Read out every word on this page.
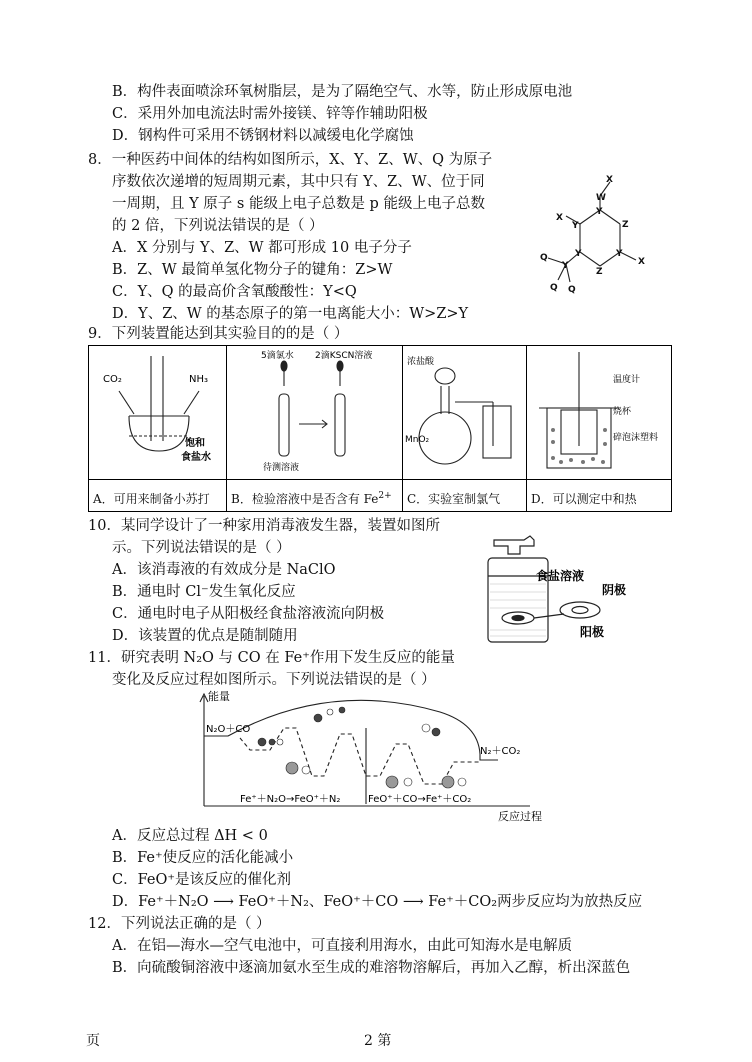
B．构件表面喷涂环氧树脂层，是为了隔绝空气、水等，防止形成原电池
C．采用外加电流法时需外接镁、锌等作辅助阳极
D．钢构件可采用不锈钢材料以减缓电化学腐蚀
8．一种医药中间体的结构如图所示，X、Y、Z、W、Q 为原子
序数依次递增的短周期元素，其中只有 Y、Z、W、位于同
一周期，且 Y 原子 s 能级上电子总数是 p 能级上电子总数
的 2 倍，下列说法错误的是（ ）
A．X 分别与 Y、Z、W 都可形成 10 电子分子
B．Z、W 最简单氢化物分子的键角：Z>W
C．Y、Q 的最高价含氧酸酸性：Y<Q
D．Y、Z、W 的基态原子的第一电离能大小：W>Z>Y
X
W
Y
Z
Y
X
Z
Y
X
Y
Y
Q
Q Q
9．下列装置能达到其实验目的的是（ ）
CO₂	NH₃
饱和
食盐水
A．可用来制备小苏打
5滴氯水 2滴KSCN溶液
待测溶液
B．检验溶液中是否含有 $Fe^{2+}$
浓盐酸
MnO₂
C．实验室制氯气
温度计
烧杯
碎泡沫塑料
D．可以测定中和热
10．某同学设计了一种家用消毒液发生器，装置如图所
示。下列说法错误的是（ ）
A．该消毒液的有效成分是 NaClO
B．通电时 Cl⁻发生氧化反应
C．通电时电子从阳极经食盐溶液流向阴极
D．该装置的优点是随制随用
食盐溶液
阴极
阳极
11．研究表明 N₂O 与 CO 在 Fe⁺作用下发生反应的能量
变化及反应过程如图所示。下列说法错误的是（ ）
能量
N₂O＋CO
N₂＋CO₂
Fe⁺＋N₂O→FeO⁺＋N₂	FeO⁺＋CO→Fe⁺＋CO₂
反应过程
A．反应总过程 ΔH < 0
B．Fe⁺使反应的活化能减小
C．FeO⁺是该反应的催化剂
D．Fe⁺＋N₂O ⟶ FeO⁺＋N₂、FeO⁺＋CO ⟶ Fe⁺＋CO₂两步反应均为放热反应
12．下列说法正确的是（ ）
A．在铝—海水—空气电池中，可直接利用海水，由此可知海水是电解质
B．向硫酸铜溶液中逐滴加氨水至生成的难溶物溶解后，再加入乙醇，析出深蓝色
页	2 第
